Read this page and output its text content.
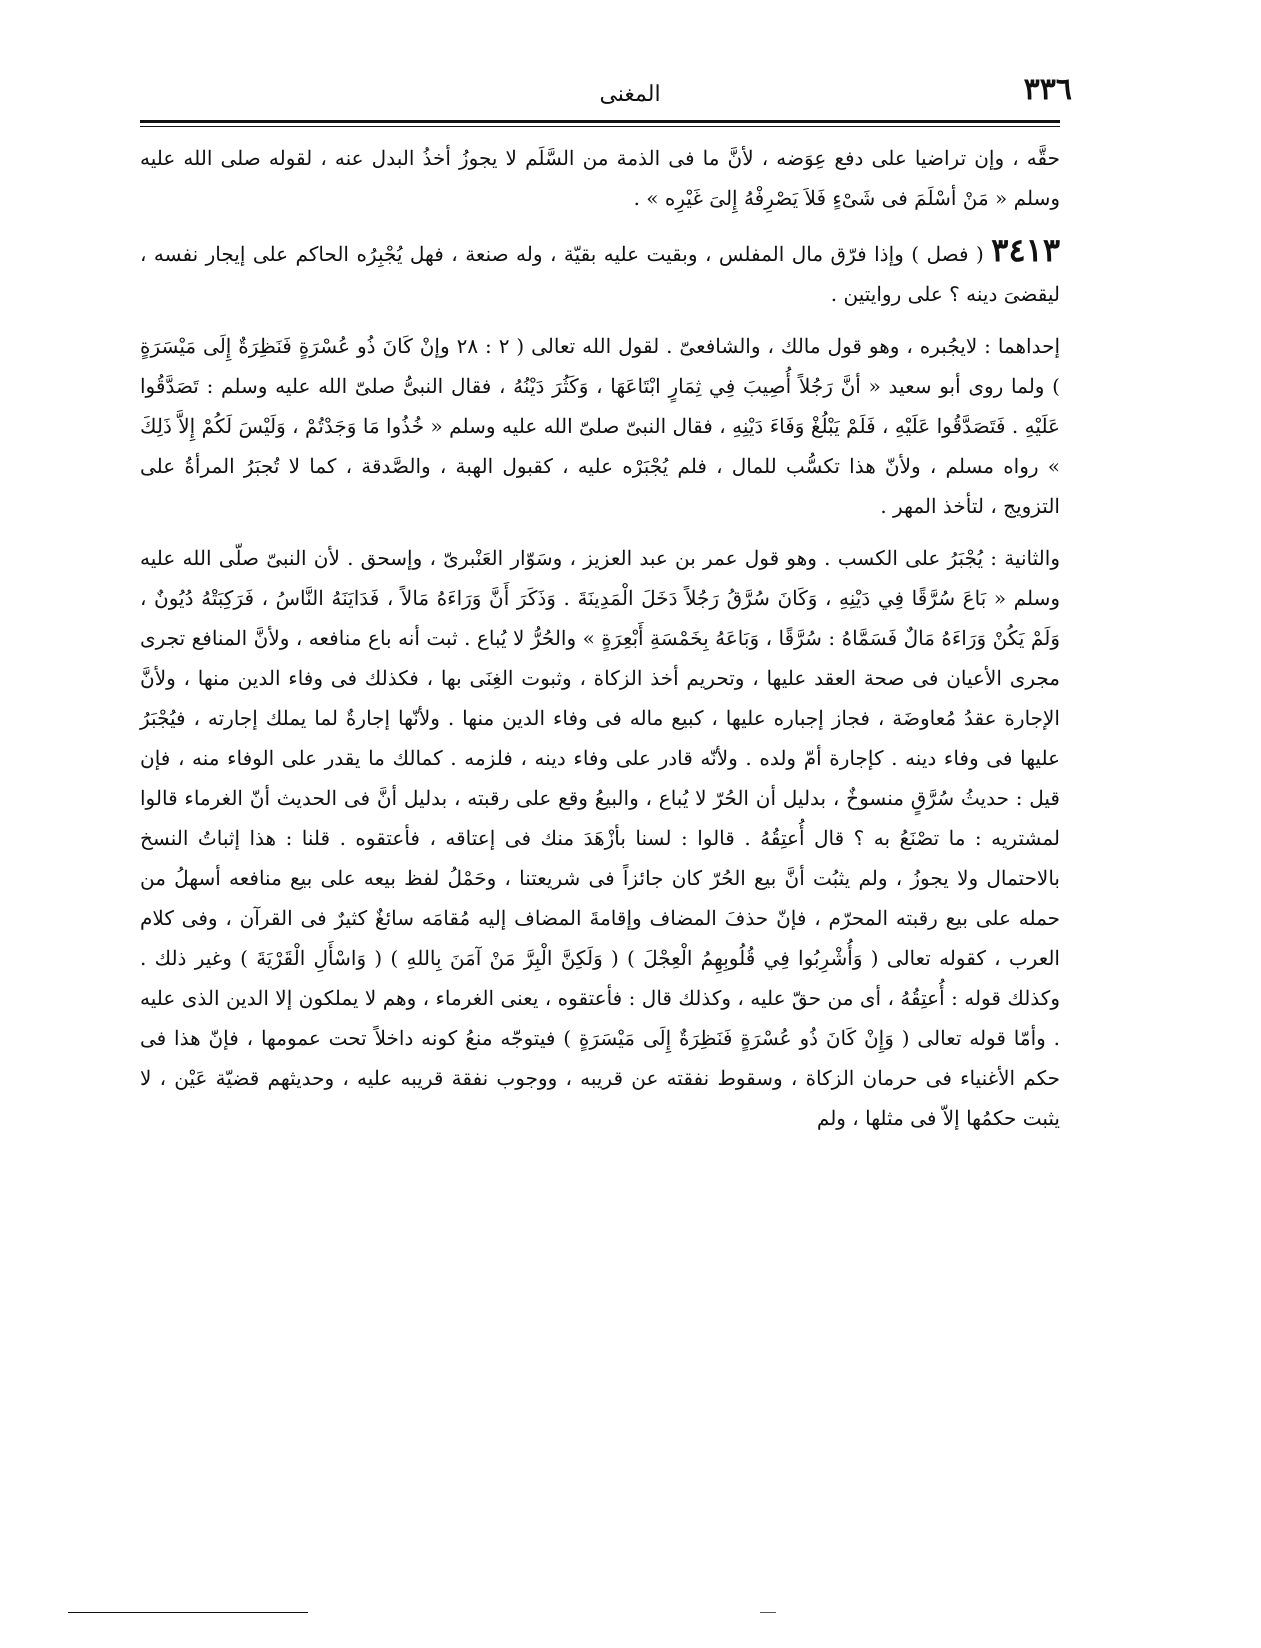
٣٣٦
المغنى

حقَّه ، وإن تراضيا على دفع عِوَضه ، لأنَّ ما فى الذمة من السَّلَم لا يجوزُ أخذُ البدل عنه ، لقوله صلى الله عليه وسلم « مَنْ أسْلَمَ فى شَىْءٍ فَلاَ يَصْرِفْهُ إِلىَ غَيْرِه » .

٣٤١٣ ( فصل ) وإذا فرّق مال المفلس ، وبقيت عليه بقيّة ، وله صنعة ، فهل يُجْبِرُه الحاكم على إيجار نفسه ، ليقضىَ دينه ؟ على روايتين .

إحداهما : لايجُبره ، وهو قول مالك ، والشافعىّ . لقول الله تعالى ( ٢ : ٢٨ وإنْ كَانَ ذُو عُسْرَةٍ فَنَظِرَةٌ إِلَى مَيْسَرَةٍ ) ولما روى أبو سعيد « أنَّ رَجُلاً أُصِيبَ فِي ثِمَارٍ ابْتَاعَهَا ، وَكَثُرَ دَيْنُهُ ، فقال النبىُّ صلىّ الله عليه وسلم : تَصَدَّقُوا عَلَيْهِ . فَتَصَدَّقُوا عَلَيْهِ ، فَلَمْ يَبْلُغْ وَفَاءَ دَيْنِهِ ، فقال النبىّ صلىّ الله عليه وسلم « خُذُوا مَا وَجَدْتُمْ ، وَلَيْسَ لَكُمْ إِلاَّ ذَلِكَ » رواه مسلم ، ولأنّ هذا تكسُّب للمال ، فلم يُجْبَرْه عليه ، كقبول الهبة ، والصَّدقة ، كما لا تُجبَرُ المرأةُ على التزويج ، لتأخذ المهر .

والثانية : يُجْبَرُ على الكسب . وهو قول عمر بن عبد العزيز ، وسَوّار العَنْبرىّ ، وإسحق . لأن النبىّ صلّى الله عليه وسلم « بَاعَ سُرَّقًا فِي دَيْنِهِ ، وَكَانَ سُرَّقُ رَجُلاً دَخَلَ الْمَدِينَةَ . وَذَكَرَ أَنَّ وَرَاءَهُ مَالاً ، فَدَايَنَهُ النَّاسُ ، فَرَكِبَتْهُ دُيُونٌ ، وَلَمْ يَكُنْ وَرَاءَهُ مَالٌ فَسَمَّاهُ : سُرَّقًا ، وَبَاعَهُ بِخَمْسَةِ أَبْعِرَةٍ » والحُرُّ لا يُباع . ثبت أنه باع منافعه ، ولأنَّ المنافع تجرى مجرى الأعيان فى صحة العقد عليها ، وتحريم أخذ الزكاة ، وثبوت الغِنَى بها ، فكذلك فى وفاء الدين منها ، ولأنَّ الإجارة عقدُ مُعاوضَة ، فجاز إجباره عليها ، كبيع ماله فى وفاء الدين منها . ولأنّها إجارةٌ لما يملك إجارته ، فيُجْبَرُ عليها فى وفاء دينه . كإجارة أمّ ولده . ولأنّه قادر على وفاء دينه ، فلزمه . كمالك ما يقدر على الوفاء منه ، فإن قيل : حديثُ سُرَّقٍ منسوخٌ ، بدليل أن الحُرّ لا يُباع ، والبيعُ وقع على رقبته ، بدليل أنَّ فى الحديث أنّ الغرماء قالوا لمشتريه : ما تصْنَعُ به ؟ قال أُعتِقُهُ . قالوا : لسنا بأزْهَدَ منك فى إعتاقه ، فأعتقوه . قلنا : هذا إثباتُ النسخ بالاحتمال ولا يجوزُ ، ولم يثبُت أنَّ بيع الحُرّ كان جائزاً فى شريعتنا ، وحَمْلُ لفظ بيعه على بيع منافعه أسهلُ من حمله على بيع رقبته المحرّم ، فإنّ حذفَ المضاف وإقامةَ المضاف إليه مُقامَه سائغٌ كثيرٌ فى القرآن ، وفى كلام العرب ، كقوله تعالى ( وَأُشْرِبُوا فِي قُلُوبِهِمُ الْعِجْلَ ) ( وَلَكِنَّ الْبِرَّ مَنْ آمَنَ بِاللهِ ) ( وَاسْأَلِ الْقَرْيَةَ ) وغير ذلك . وكذلك قوله : أُعتِقُهُ ، أى من حقّ عليه ، وكذلك قال : فأعتقوه ، يعنى الغرماء ، وهم لا يملكون إلا الدين الذى عليه . وأمّا قوله تعالى ( وَإِنْ كَانَ ذُو عُسْرَةٍ فَنَظِرَةٌ إِلَى مَيْسَرَةٍ ) فيتوجّه منعُ كونه داخلاً تحت عمومها ، فإنّ هذا فى حكم الأغنياء فى حرمان الزكاة ، وسقوط نفقته عن قريبه ، ووجوب نفقة قريبه عليه ، وحديثهم قضيّة عَيْن ، لا يثبت حكمُها إلاّ فى مثلها ، ولم
